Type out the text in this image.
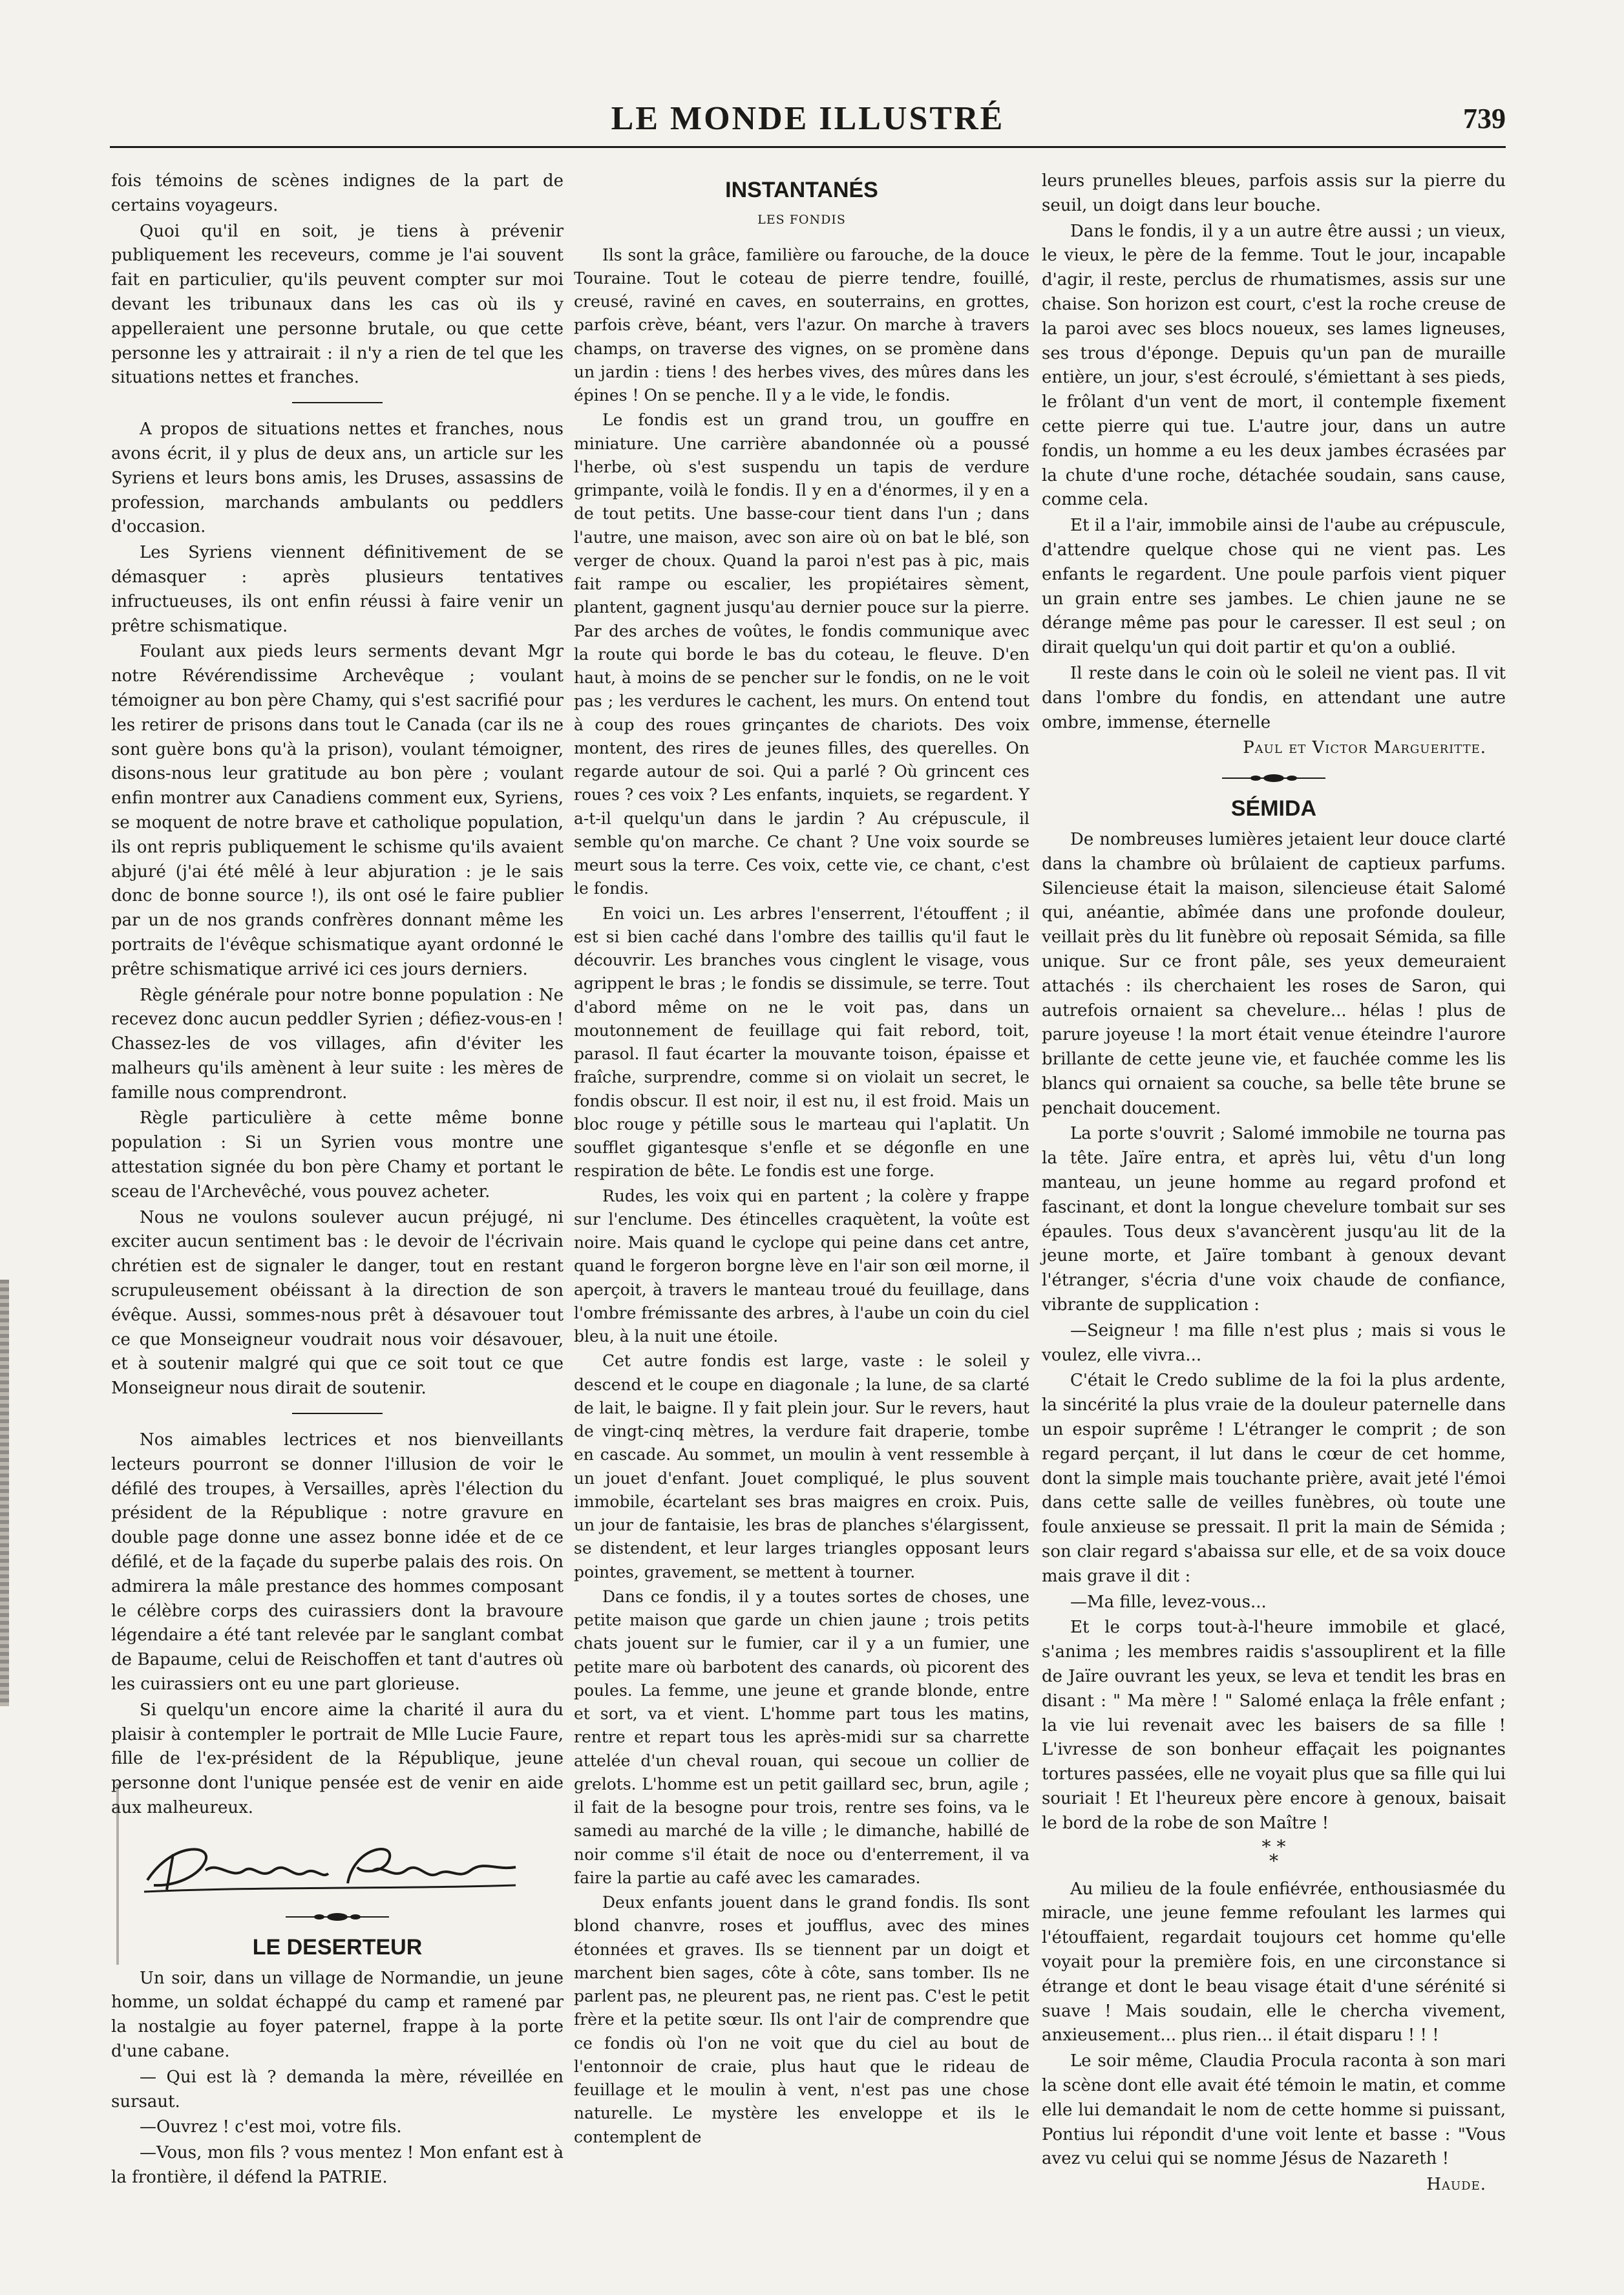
LE MONDE ILLUSTRÉ	739

fois témoins de scènes indignes de la part de certains voyageurs.

Quoi qu'il en soit, je tiens à prévenir publiquement les receveurs, comme je l'ai souvent fait en particulier, qu'ils peuvent compter sur moi devant les tribunaux dans les cas où ils y appelleraient une personne brutale, ou que cette personne les y attrairait : il n'y a rien de tel que les situations nettes et franches.

A propos de situations nettes et franches, nous avons écrit, il y plus de deux ans, un article sur les Syriens et leurs bons amis, les Druses, assassins de profession, marchands ambulants ou peddlers d'occasion.

Les Syriens viennent définitivement de se démasquer : après plusieurs tentatives infructueuses, ils ont enfin réussi à faire venir un prêtre schismatique.

Foulant aux pieds leurs serments devant Mgr notre Révérendissime Archevêque ; voulant témoigner au bon père Chamy, qui s'est sacrifié pour les retirer de prisons dans tout le Canada (car ils ne sont guère bons qu'à la prison), voulant témoigner, disons-nous leur gratitude au bon père ; voulant enfin montrer aux Canadiens comment eux, Syriens, se moquent de notre brave et catholique population, ils ont repris publiquement le schisme qu'ils avaient abjuré (j'ai été mêlé à leur abjuration : je le sais donc de bonne source !), ils ont osé le faire publier par un de nos grands confrères donnant même les portraits de l'évêque schismatique ayant ordonné le prêtre schismatique arrivé ici ces jours derniers.

Règle générale pour notre bonne population : Ne recevez donc aucun peddler Syrien ; défiez-vous-en ! Chassez-les de vos villages, afin d'éviter les malheurs qu'ils amènent à leur suite : les mères de famille nous comprendront.

Règle particulière à cette même bonne population : Si un Syrien vous montre une attestation signée du bon père Chamy et portant le sceau de l'Archevêché, vous pouvez acheter.

Nous ne voulons soulever aucun préjugé, ni exciter aucun sentiment bas : le devoir de l'écrivain chrétien est de signaler le danger, tout en restant scrupuleusement obéissant à la direction de son évêque. Aussi, sommes-nous prêt à désavouer tout ce que Monseigneur voudrait nous voir désavouer, et à soutenir malgré qui que ce soit tout ce que Monseigneur nous dirait de soutenir.

Nos aimables lectrices et nos bienveillants lecteurs pourront se donner l'illusion de voir le défilé des troupes, à Versailles, après l'élection du président de la République : notre gravure en double page donne une assez bonne idée et de ce défilé, et de la façade du superbe palais des rois. On admirera la mâle prestance des hommes composant le célèbre corps des cuirassiers dont la bravoure légendaire a été tant relevée par le sanglant combat de Bapaume, celui de Reischoffen et tant d'autres où les cuirassiers ont eu une part glorieuse.

Si quelqu'un encore aime la charité il aura du plaisir à contempler le portrait de Mlle Lucie Faure, fille de l'ex-président de la République, jeune personne dont l'unique pensée est de venir en aide aux malheureux.

LE DESERTEUR

Un soir, dans un village de Normandie, un jeune homme, un soldat échappé du camp et ramené par la nostalgie au foyer paternel, frappe à la porte d'une cabane.

— Qui est là ? demanda la mère, réveillée en sursaut.

—Ouvrez ! c'est moi, votre fils.

—Vous, mon fils ? vous mentez ! Mon enfant est à la frontière, il défend la PATRIE.

INSTANTANÉS
LES FONDIS

Ils sont la grâce, familière ou farouche, de la douce Touraine. Tout le coteau de pierre tendre, fouillé, creusé, raviné en caves, en souterrains, en grottes, parfois crève, béant, vers l'azur. On marche à travers champs, on traverse des vignes, on se promène dans un jardin : tiens ! des herbes vives, des mûres dans les épines ! On se penche. Il y a le vide, le fondis.

Le fondis est un grand trou, un gouffre en miniature. Une carrière abandonnée où a poussé l'herbe, où s'est suspendu un tapis de verdure grimpante, voilà le fondis. Il y en a d'énormes, il y en a de tout petits. Une basse-cour tient dans l'un ; dans l'autre, une maison, avec son aire où on bat le blé, son verger de choux. Quand la paroi n'est pas à pic, mais fait rampe ou escalier, les propiétaires sèment, plantent, gagnent jusqu'au dernier pouce sur la pierre. Par des arches de voûtes, le fondis communique avec la route qui borde le bas du coteau, le fleuve. D'en haut, à moins de se pencher sur le fondis, on ne le voit pas ; les verdures le cachent, les murs. On entend tout à coup des roues grinçantes de chariots. Des voix montent, des rires de jeunes filles, des querelles. On regarde autour de soi. Qui a parlé ? Où grincent ces roues ? ces voix ? Les enfants, inquiets, se regardent. Y a-t-il quelqu'un dans le jardin ? Au crépuscule, il semble qu'on marche. Ce chant ? Une voix sourde se meurt sous la terre. Ces voix, cette vie, ce chant, c'est le fondis.

En voici un. Les arbres l'enserrent, l'étouffent ; il est si bien caché dans l'ombre des taillis qu'il faut le découvrir. Les branches vous cinglent le visage, vous agrippent le bras ; le fondis se dissimule, se terre. Tout d'abord même on ne le voit pas, dans un moutonnement de feuillage qui fait rebord, toit, parasol. Il faut écarter la mouvante toison, épaisse et fraîche, surprendre, comme si on violait un secret, le fondis obscur. Il est noir, il est nu, il est froid. Mais un bloc rouge y pétille sous le marteau qui l'aplatit. Un soufflet gigantesque s'enfle et se dégonfle en une respiration de bête. Le fondis est une forge.

Rudes, les voix qui en partent ; la colère y frappe sur l'enclume. Des étincelles craquètent, la voûte est noire. Mais quand le cyclope qui peine dans cet antre, quand le forgeron borgne lève en l'air son œil morne, il aperçoit, à travers le manteau troué du feuillage, dans l'ombre frémissante des arbres, à l'aube un coin du ciel bleu, à la nuit une étoile.

Cet autre fondis est large, vaste : le soleil y descend et le coupe en diagonale ; la lune, de sa clarté de lait, le baigne. Il y fait plein jour. Sur le revers, haut de vingt-cinq mètres, la verdure fait draperie, tombe en cascade. Au sommet, un moulin à vent ressemble à un jouet d'enfant. Jouet compliqué, le plus souvent immobile, écartelant ses bras maigres en croix. Puis, un jour de fantaisie, les bras de planches s'élargissent, se distendent, et leur larges triangles opposant leurs pointes, gravement, se mettent à tourner.

Dans ce fondis, il y a toutes sortes de choses, une petite maison que garde un chien jaune ; trois petits chats jouent sur le fumier, car il y a un fumier, une petite mare où barbotent des canards, où picorent des poules. La femme, une jeune et grande blonde, entre et sort, va et vient. L'homme part tous les matins, rentre et repart tous les après-midi sur sa charrette attelée d'un cheval rouan, qui secoue un collier de grelots. L'homme est un petit gaillard sec, brun, agile ; il fait de la besogne pour trois, rentre ses foins, va le samedi au marché de la ville ; le dimanche, habillé de noir comme s'il était de noce ou d'enterrement, il va faire la partie au café avec les camarades.

Deux enfants jouent dans le grand fondis. Ils sont blond chanvre, roses et joufflus, avec des mines étonnées et graves. Ils se tiennent par un doigt et marchent bien sages, côte à côte, sans tomber. Ils ne parlent pas, ne pleurent pas, ne rient pas. C'est le petit frère et la petite sœur. Ils ont l'air de comprendre que ce fondis où l'on ne voit que du ciel au bout de l'entonnoir de craie, plus haut que le rideau de feuillage et le moulin à vent, n'est pas une chose naturelle. Le mystère les enveloppe et ils le contemplent de

leurs prunelles bleues, parfois assis sur la pierre du seuil, un doigt dans leur bouche.

Dans le fondis, il y a un autre être aussi ; un vieux, le vieux, le père de la femme. Tout le jour, incapable d'agir, il reste, perclus de rhumatismes, assis sur une chaise. Son horizon est court, c'est la roche creuse de la paroi avec ses blocs noueux, ses lames ligneuses, ses trous d'éponge. Depuis qu'un pan de muraille entière, un jour, s'est écroulé, s'émiettant à ses pieds, le frôlant d'un vent de mort, il contemple fixement cette pierre qui tue. L'autre jour, dans un autre fondis, un homme a eu les deux jambes écrasées par la chute d'une roche, détachée soudain, sans cause, comme cela.

Et il a l'air, immobile ainsi de l'aube au crépuscule, d'attendre quelque chose qui ne vient pas. Les enfants le regardent. Une poule parfois vient piquer un grain entre ses jambes. Le chien jaune ne se dérange même pas pour le caresser. Il est seul ; on dirait quelqu'un qui doit partir et qu'on a oublié.

Il reste dans le coin où le soleil ne vient pas. Il vit dans l'ombre du fondis, en attendant une autre ombre, immense, éternelle

Paul et Victor Margueritte.
SÉMIDA

De nombreuses lumières jetaient leur douce clarté dans la chambre où brûlaient de captieux parfums. Silencieuse était la maison, silencieuse était Salomé qui, anéantie, abîmée dans une profonde douleur, veillait près du lit funèbre où reposait Sémida, sa fille unique. Sur ce front pâle, ses yeux demeuraient attachés : ils cherchaient les roses de Saron, qui autrefois ornaient sa chevelure... hélas ! plus de parure joyeuse ! la mort était venue éteindre l'aurore brillante de cette jeune vie, et fauchée comme les lis blancs qui ornaient sa couche, sa belle tête brune se penchait doucement.

La porte s'ouvrit ; Salomé immobile ne tourna pas la tête. Jaïre entra, et après lui, vêtu d'un long manteau, un jeune homme au regard profond et fascinant, et dont la longue chevelure tombait sur ses épaules. Tous deux s'avancèrent jusqu'au lit de la jeune morte, et Jaïre tombant à genoux devant l'étranger, s'écria d'une voix chaude de confiance, vibrante de supplication :

—Seigneur ! ma fille n'est plus ; mais si vous le voulez, elle vivra...

C'était le Credo sublime de la foi la plus ardente, la sincérité la plus vraie de la douleur paternelle dans un espoir suprême ! L'étranger le comprit ; de son regard perçant, il lut dans le cœur de cet homme, dont la simple mais touchante prière, avait jeté l'émoi dans cette salle de veilles funèbres, où toute une foule anxieuse se pressait. Il prit la main de Sémida ; son clair regard s'abaissa sur elle, et de sa voix douce mais grave il dit :

—Ma fille, levez-vous...

Et le corps tout-à-l'heure immobile et glacé, s'anima ; les membres raidis s'assouplirent et la fille de Jaïre ouvrant les yeux, se leva et tendit les bras en disant : " Ma mère ! " Salomé enlaça la frêle enfant ; la vie lui revenait avec les baisers de sa fille ! L'ivresse de son bonheur effaçait les poignantes tortures passées, elle ne voyait plus que sa fille qui lui souriait ! Et l'heureux père encore à genoux, baisait le bord de la robe de son Maître !

* *
*

Au milieu de la foule enfiévrée, enthousiasmée du miracle, une jeune femme refoulant les larmes qui l'étouffaient, regardait toujours cet homme qu'elle voyait pour la première fois, en une circonstance si étrange et dont le beau visage était d'une sérénité si suave ! Mais soudain, elle le chercha vivement, anxieusement... plus rien... il était disparu ! ! !

Le soir même, Claudia Procula raconta à son mari la scène dont elle avait été témoin le matin, et comme elle lui demandait le nom de cette homme si puissant, Pontius lui répondit d'une voit lente et basse : "Vous avez vu celui qui se nomme Jésus de Nazareth !

Haude.
